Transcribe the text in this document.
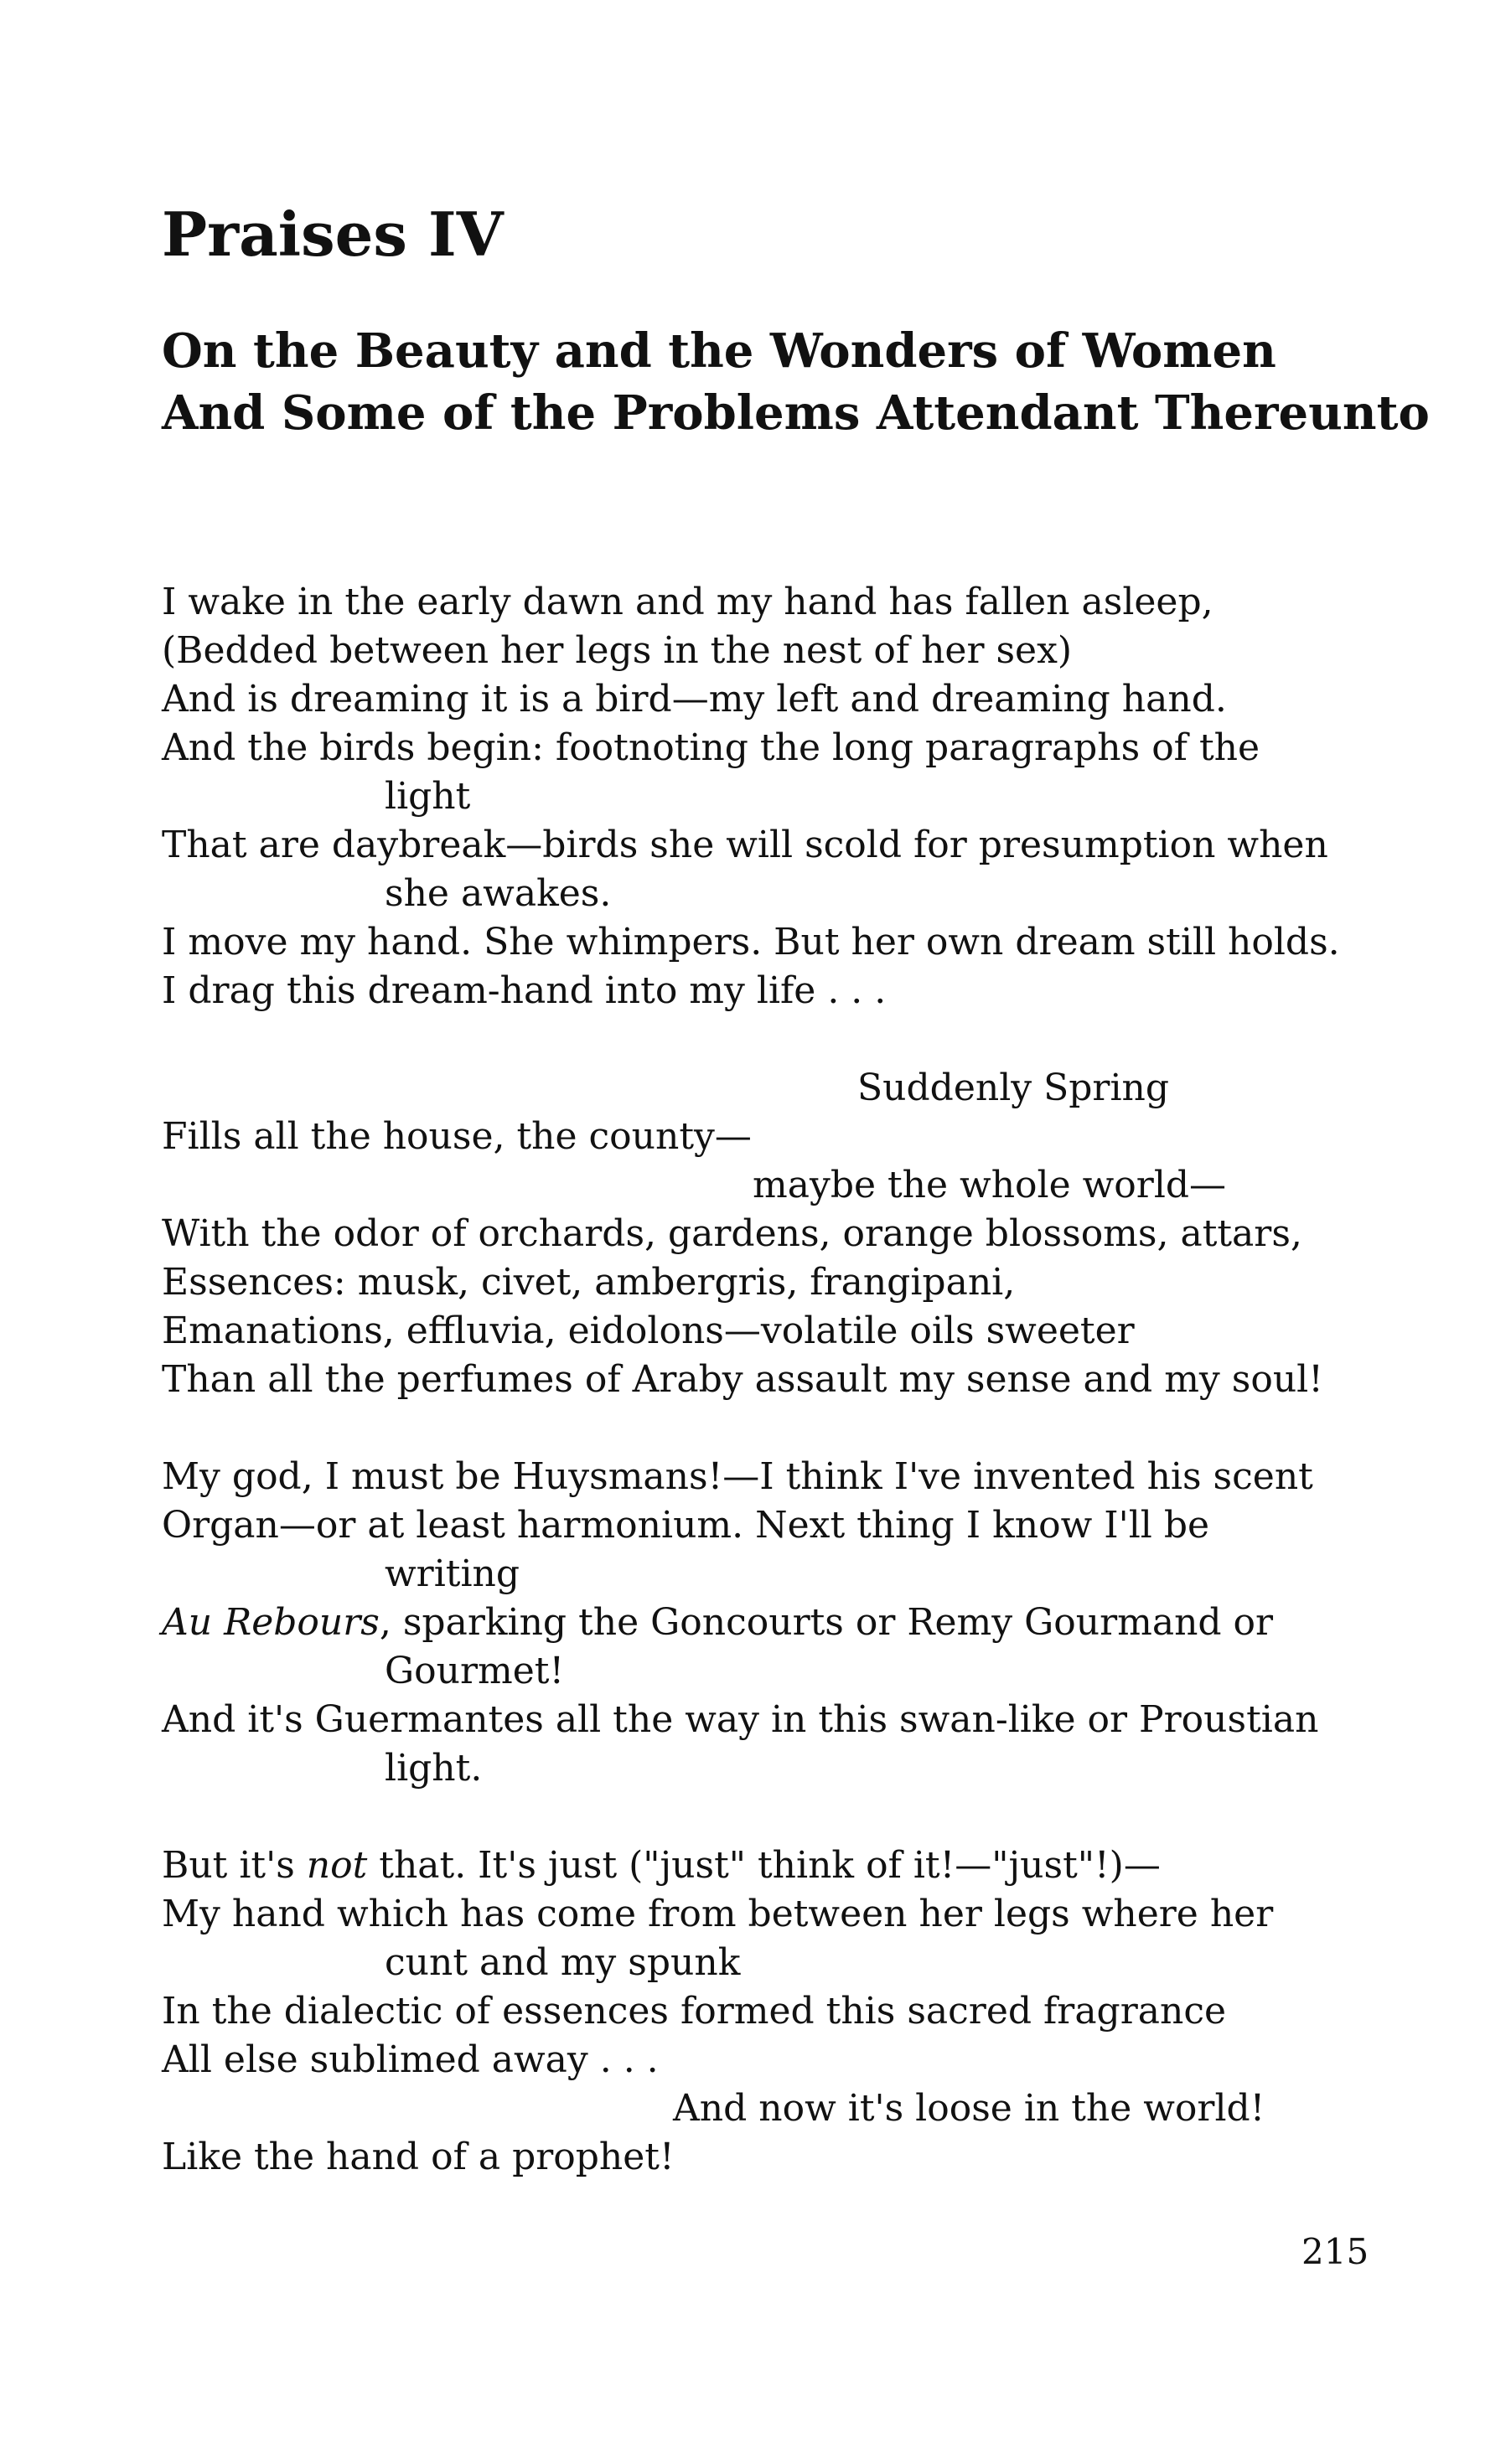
Praises IV
On the Beauty and the Wonders of Women
And Some of the Problems Attendant Thereunto
I wake in the early dawn and my hand has fallen asleep,
(Bedded between her legs in the nest of her sex)
And is dreaming it is a bird—my left and dreaming hand.
And the birds begin: footnoting the long paragraphs of the
light
That are daybreak—birds she will scold for presumption when
she awakes.
I move my hand. She whimpers. But her own dream still holds.
I drag this dream-hand into my life . . .
Suddenly Spring
Fills all the house, the county—
maybe the whole world—
With the odor of orchards, gardens, orange blossoms, attars,
Essences: musk, civet, ambergris, frangipani,
Emanations, effluvia, eidolons—volatile oils sweeter
Than all the perfumes of Araby assault my sense and my soul!
My god, I must be Huysmans!—I think I've invented his scent
Organ—or at least harmonium. Next thing I know I'll be
writing
Au Rebours, sparking the Goncourts or Remy Gourmand or
Gourmet!
And it's Guermantes all the way in this swan-like or Proustian
light.
But it's not that. It's just ("just" think of it!—"just"!)—
My hand which has come from between her legs where her
cunt and my spunk
In the dialectic of essences formed this sacred fragrance
All else sublimed away . . .
And now it's loose in the world!
Like the hand of a prophet!
215
